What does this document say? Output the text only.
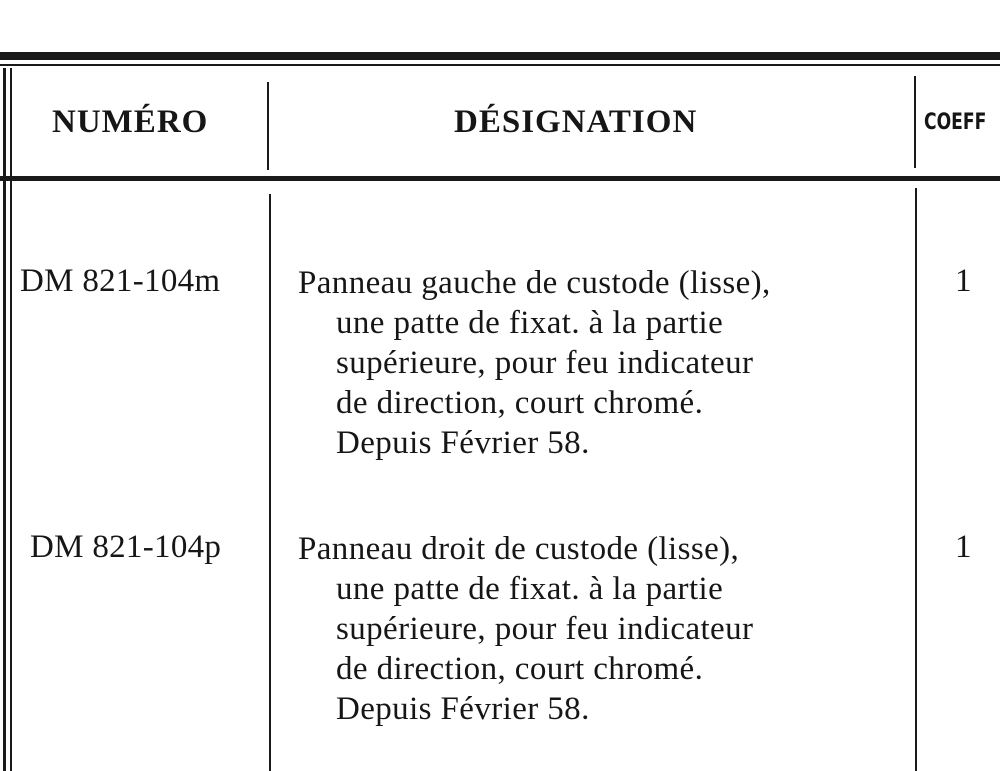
NUMÉRO	DÉSIGNATION	COEFF
DM 821-104m Panneau gauche de custode (lisse),
une patte de fixat. à la partie
supérieure, pour feu indicateur
de direction, court chromé.
Depuis Février 58.
1
DM 821-104p Panneau droit de custode (lisse),
une patte de fixat. à la partie
supérieure, pour feu indicateur
de direction, court chromé.
Depuis Février 58.
1
